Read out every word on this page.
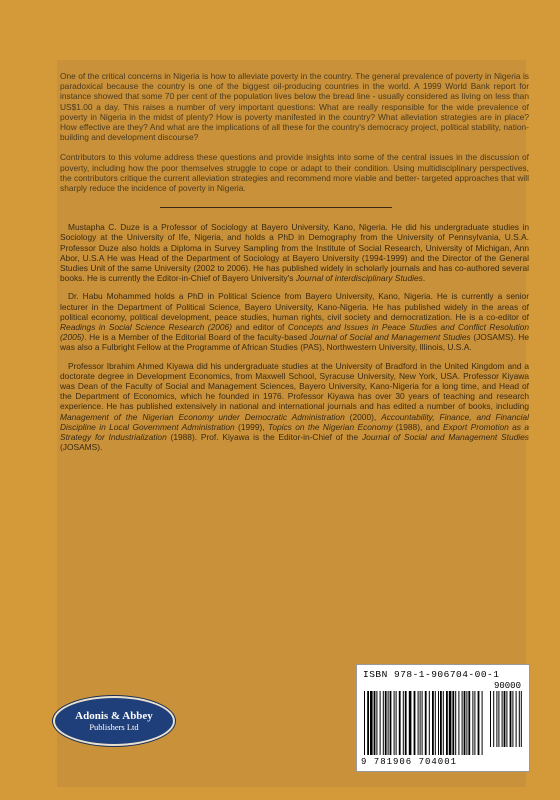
One of the critical concerns in Nigeria is how to alleviate poverty in the country. The general prevalence of poverty in Nigeria is paradoxical because the country is one of the biggest oil-producing countries in the world. A 1999 World Bank report for instance showed that some 70 per cent of the population lives below the bread line - usually considered as living on less than US$1.00 a day. This raises a number of very important questions: What are really responsible for the wide prevalence of poverty in Nigeria in the midst of plenty? How is poverty manifested in the country? What alleviation strategies are in place? How effective are they? And what are the implications of all these for the country's democracy project, political stability, nation-building and development discourse?

Contributors to this volume address these questions and provide insights into some of the central issues in the discussion of poverty, including how the poor themselves struggle to cope or adapt to their condition. Using multidisciplinary perspectives, the contributors critique the current alleviation strategies and recommend more viable and better- targeted approaches that will sharply reduce the incidence of poverty in Nigeria.

Mustapha C. Duze is a Professor of Sociology at Bayero University, Kano, Nigeria. He did his undergraduate studies in Sociology at the University of Ife, Nigeria, and holds a PhD in Demography from the University of Pennsylvania, U.S.A. Professor Duze also holds a Diploma in Survey Sampling from the Institute of Social Research, University of Michigan, Ann Abor, U.S.A He was Head of the Department of Sociology at Bayero University (1994-1999) and the Director of the General Studies Unit of the same University (2002 to 2006). He has published widely in scholarly journals and has co-authored several books. He is currently the Editor-in-Chief of Bayero University's Journal of interdisciplinary Studies.

Dr. Habu Mohammed holds a PhD in Political Science from Bayero University, Kano, Nigeria. He is currently a senior lecturer in the Department of Political Science, Bayero University, Kano-Nigeria. He has published widely in the areas of political economy, political development, peace studies, human rights, civil society and democratization. He is a co-editor of Readings in Social Science Research (2006) and editor of Concepts and Issues in Peace Studies and Conflict Resolution (2005). He is a Member of the Editorial Board of the faculty-based Journal of Social and Management Studies (JOSAMS). He was also a Fulbright Fellow at the Programme of African Studies (PAS), Northwestern University, Illinois, U.S.A.

Professor Ibrahim Ahmed Kiyawa did his undergraduate studies at the University of Bradford in the United Kingdom and a doctorate degree in Development Economics, from Maxwell School, Syracuse University, New York, USA. Professor Kiyawa was Dean of the Faculty of Social and Management Sciences, Bayero University, Kano-Nigeria for a long time, and Head of the Department of Economics, which he founded in 1976. Professor Kiyawa has over 30 years of teaching and research experience. He has published extensively in national and international journals and has edited a number of books, including Management of the Nigerian Economy under Democratic Administration (2000), Accountability, Finance, and Financial Discipline in Local Government Administration (1999), Topics on the Nigerian Economy (1988), and Export Promotion as a Strategy for Industrialization (1988). Prof. Kiyawa is the Editor-in-Chief of the Journal of Social and Management Studies (JOSAMS).

Adonis & Abbey
Publishers Ltd
ISBN 978-1-906704-00-1
90000
9 781906 704001
